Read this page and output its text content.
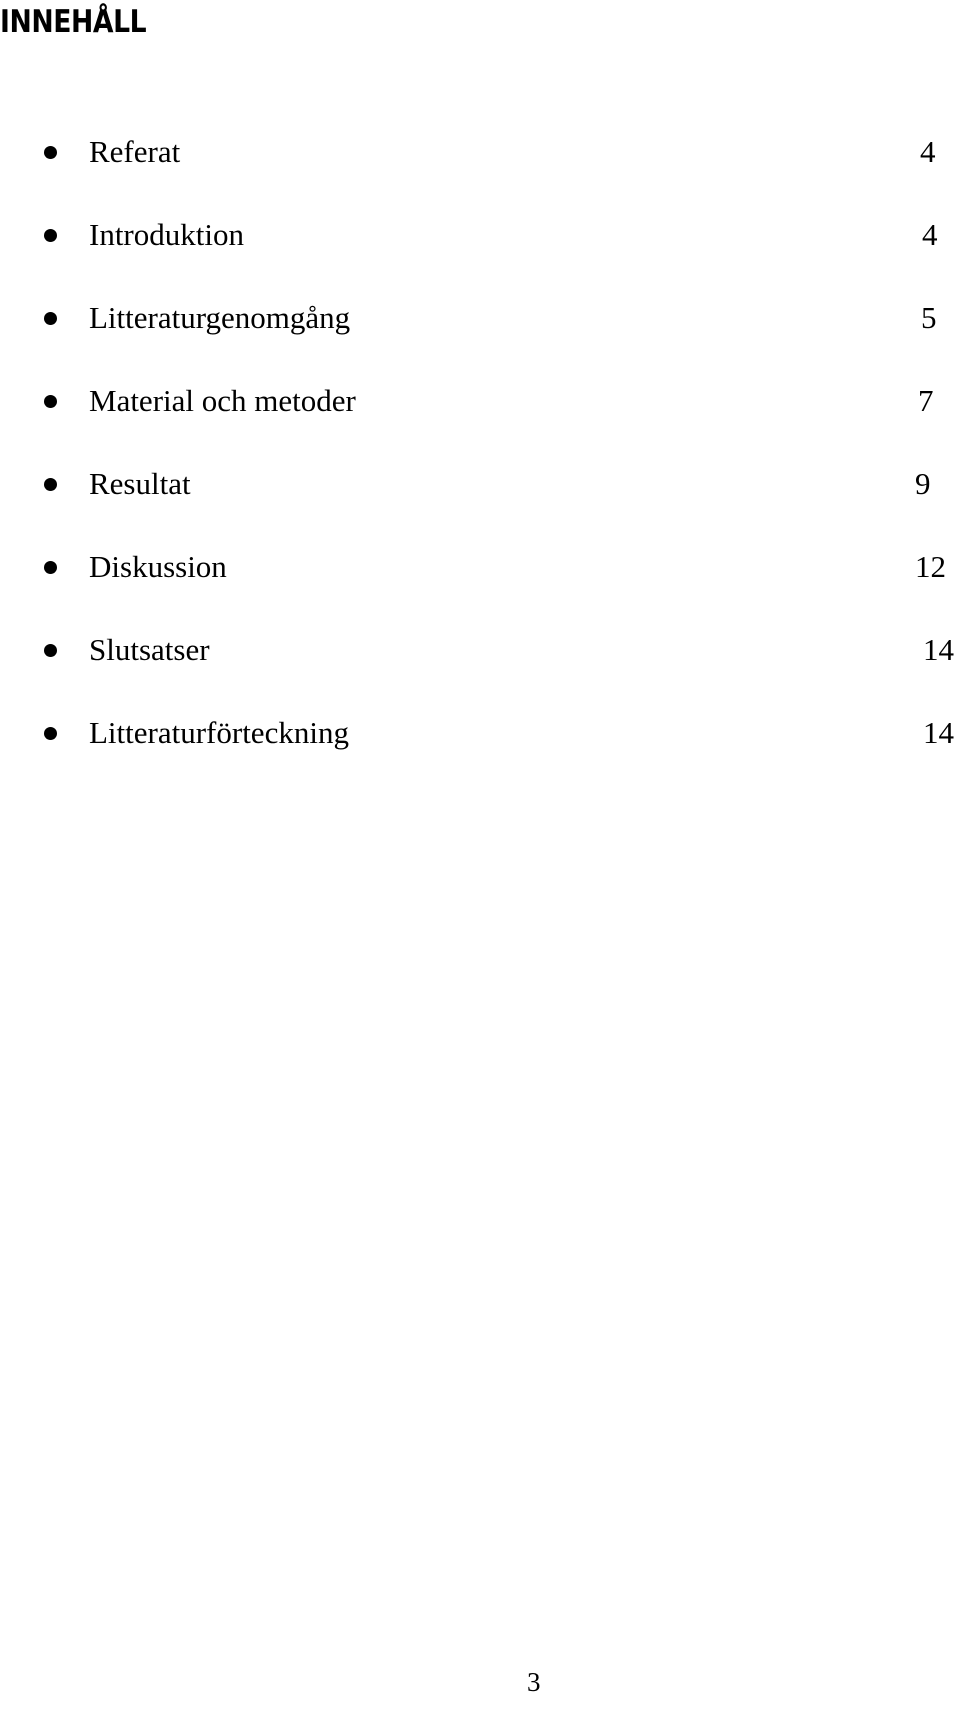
INNEHÅLL
Referat	4
Introduktion	4
Litteraturgenomgång	5
Material och metoder	7
Resultat	9
Diskussion	12
Slutsatser	14
Litteraturförteckning	14
3
